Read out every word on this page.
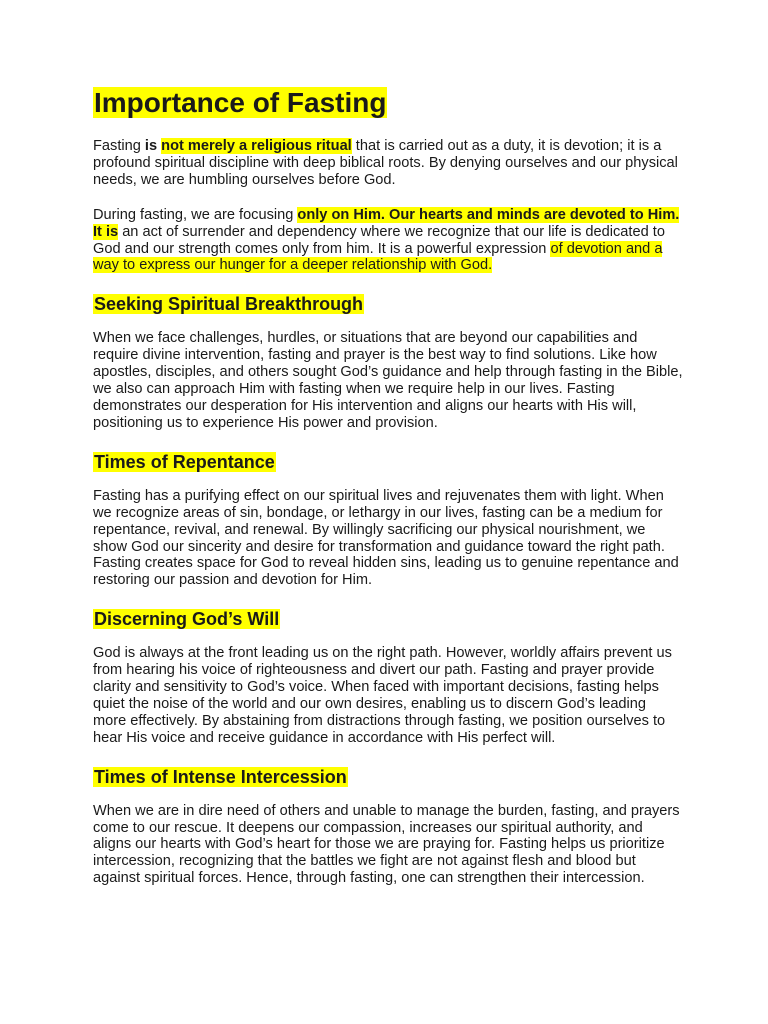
Importance of Fasting

Fasting is not merely a religious ritual that is carried out as a duty, it is devotion; it is a profound spiritual discipline with deep biblical roots. By denying ourselves and our physical needs, we are humbling ourselves before God.

During fasting, we are focusing only on Him. Our hearts and minds are devoted to Him. It is an act of surrender and dependency where we recognize that our life is dedicated to God and our strength comes only from him. It is a powerful expression of devotion and a way to express our hunger for a deeper relationship with God.

Seeking Spiritual Breakthrough

When we face challenges, hurdles, or situations that are beyond our capabilities and require divine intervention, fasting and prayer is the best way to find solutions. Like how apostles, disciples, and others sought God’s guidance and help through fasting in the Bible, we also can approach Him with fasting when we require help in our lives. Fasting demonstrates our desperation for His intervention and aligns our hearts with His will, positioning us to experience His power and provision.

Times of Repentance

Fasting has a purifying effect on our spiritual lives and rejuvenates them with light. When we recognize areas of sin, bondage, or lethargy in our lives, fasting can be a medium for repentance, revival, and renewal. By willingly sacrificing our physical nourishment, we show God our sincerity and desire for transformation and guidance toward the right path. Fasting creates space for God to reveal hidden sins, leading us to genuine repentance and restoring our passion and devotion for Him.

Discerning God’s Will

God is always at the front leading us on the right path. However, worldly affairs prevent us from hearing his voice of righteousness and divert our path. Fasting and prayer provide clarity and sensitivity to God’s voice. When faced with important decisions, fasting helps quiet the noise of the world and our own desires, enabling us to discern God’s leading more effectively. By abstaining from distractions through fasting, we position ourselves to hear His voice and receive guidance in accordance with His perfect will.

Times of Intense Intercession

When we are in dire need of others and unable to manage the burden, fasting, and prayers come to our rescue. It deepens our compassion, increases our spiritual authority, and aligns our hearts with God’s heart for those we are praying for. Fasting helps us prioritize intercession, recognizing that the battles we fight are not against flesh and blood but against spiritual forces. Hence, through fasting, one can strengthen their intercession.
